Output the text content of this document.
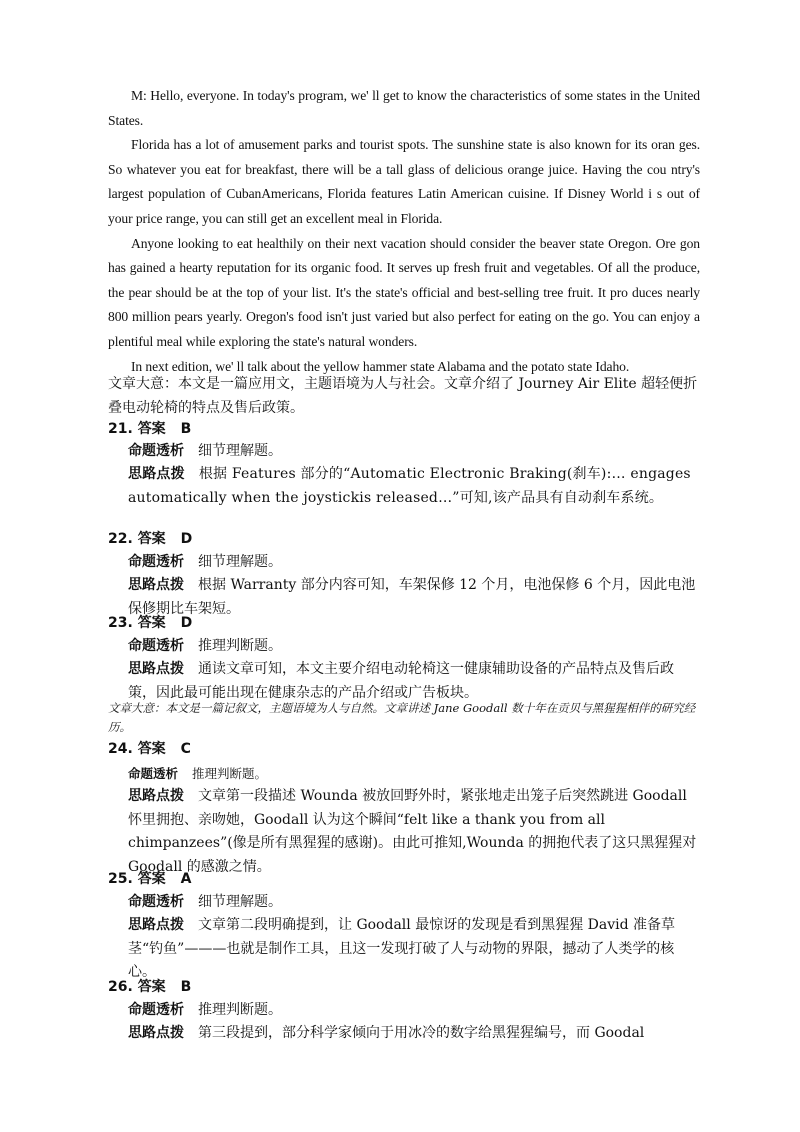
M: Hello, everyone. In today's program, we' ll get to know the characteristics of some states in the United States.

Florida has a lot of amusement parks and tourist spots. The sunshine state is also known for its oran ges. So whatever you eat for breakfast, there will be a tall glass of delicious orange juice. Having the cou ntry's largest population of CubanAmericans, Florida features Latin American cuisine. If Disney World i s out of your price range, you can still get an excellent meal in Florida.

Anyone looking to eat healthily on their next vacation should consider the beaver state Oregon. Ore gon has gained a hearty reputation for its organic food. It serves up fresh fruit and vegetables. Of all the produce, the pear should be at the top of your list. It's the state's official and best-selling tree fruit. It pro duces nearly 800 million pears yearly. Oregon's food isn't just varied but also perfect for eating on the go. You can enjoy a plentiful meal while exploring the state's natural wonders.

In next edition, we' ll talk about the yellow hammer state Alabama and the potato state Idaho.

文章大意：本文是一篇应用文，主题语境为人与社会。文章介绍了 Journey Air Elite 超轻便折叠电动轮椅的特点及售后政策。
21. 答案 B
命题透析 细节理解题。
思路点拨 根据 Features 部分的“Automatic Electronic Braking(刹车):… engages automatically when the joystickis released…”可知,该产品具有自动刹车系统。
22. 答案 D
命题透析 细节理解题。
思路点拨 根据 Warranty 部分内容可知，车架保修 12 个月，电池保修 6 个月，因此电池保修期比车架短。
23. 答案 D
命题透析 推理判断题。
思路点拨 通读文章可知，本文主要介绍电动轮椅这一健康辅助设备的产品特点及售后政策，因此最可能出现在健康杂志的产品介绍或广告板块。
文章大意：本文是一篇记叙文，主题语境为人与自然。文章讲述 Jane Goodall 数十年在贡贝与黑猩猩相伴的研究经历。
24. 答案 C
命题透析 推理判断题。
思路点拨 文章第一段描述 Wounda 被放回野外时，紧张地走出笼子后突然跳进 Goodall 怀里拥抱、亲吻她，Goodall 认为这个瞬间“felt like a thank you from all chimpanzees”(像是所有黑猩猩的感谢)。由此可推知,Wounda 的拥抱代表了这只黑猩猩对 Goodall 的感激之情。
25. 答案 A
命题透析 细节理解题。
思路点拨 文章第二段明确提到，让 Goodall 最惊讶的发现是看到黑猩猩 David 准备草茎“钓鱼”———也就是制作工具，且这一发现打破了人与动物的界限，撼动了人类学的核心。
26. 答案 B
命题透析 推理判断题。
思路点拨 第三段提到，部分科学家倾向于用冰冷的数字给黑猩猩编号，而 Goodal
